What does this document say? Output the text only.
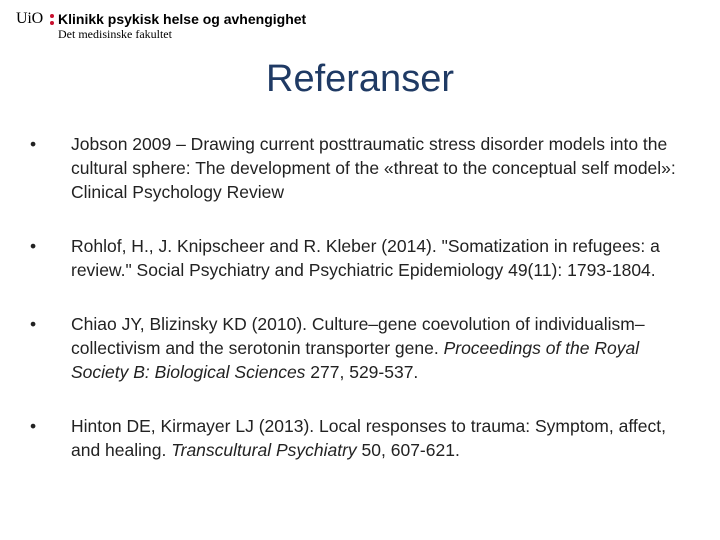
UiO Klinikk psykisk helse og avhengighet
Det medisinske fakultet
Referanser
•	Jobson 2009 – Drawing current posttraumatic stress disorder models into the cultural sphere: The development of the «threat to the conceptual self model»: Clinical Psychology Review
•	Rohlof, H., J. Knipscheer and R. Kleber (2014). "Somatization in refugees: a review." Social Psychiatry and Psychiatric Epidemiology 49(11): 1793-1804.
•	Chiao JY, Blizinsky KD (2010). Culture–gene coevolution of individualism–collectivism and the serotonin transporter gene. Proceedings of the Royal Society B: Biological Sciences 277, 529-537.
•	Hinton DE, Kirmayer LJ (2013). Local responses to trauma: Symptom, affect, and healing. Transcultural Psychiatry 50, 607-621.
